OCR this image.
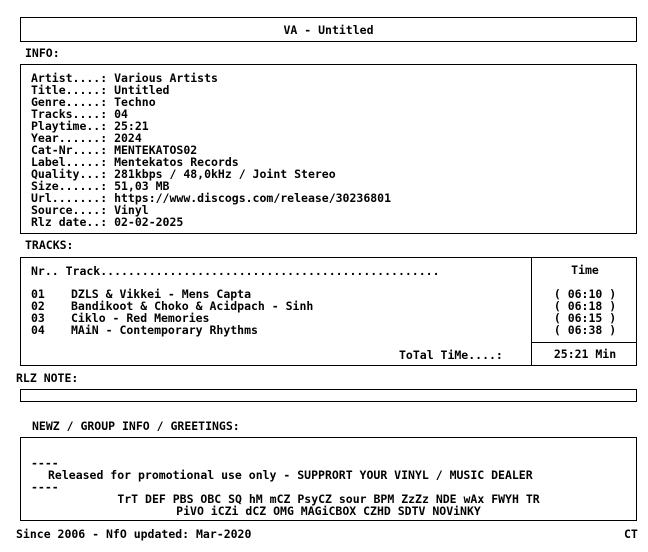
VA - Untitled
INFO:
Artist....: Various Artists
Title.....: Untitled
Genre.....: Techno
Tracks....: 04
Playtime..: 25:21
Year......: 2024
Cat-Nr....: MENTEKATOS02
Label.....: Mentekatos Records
Quality...: 281kbps / 48,0kHz / Joint Stereo
Size......: 51,03 MB
Url.......: https://www.discogs.com/release/30236801
Source....: Vinyl
Rlz date..: 02-02-2025
TRACKS:
Nr.. Track.................................................	Time
01 DZLS & Vikkei - Mens Capta	( 06:10 )
02 Bandikoot & Choko & Acidpach - Sinh	( 06:18 )
03 Ciklo - Red Memories	( 06:15 )
04 MAiN - Contemporary Rhythms	( 06:38 )
ToTal TiMe....:	25:21 Min
RLZ NOTE:
NEWZ / GROUP INFO / GREETINGS:
----
Released for promotional use only - SUPPRORT YOUR VINYL / MUSIC DEALER
----
TrT DEF PBS OBC SQ hM mCZ PsyCZ sour BPM ZzZz NDE wAx FWYH TR
PiVO iCZi dCZ OMG MAGiCBOX CZHD SDTV NOViNKY
Since 2006 - NfO updated: Mar-2020	CT
